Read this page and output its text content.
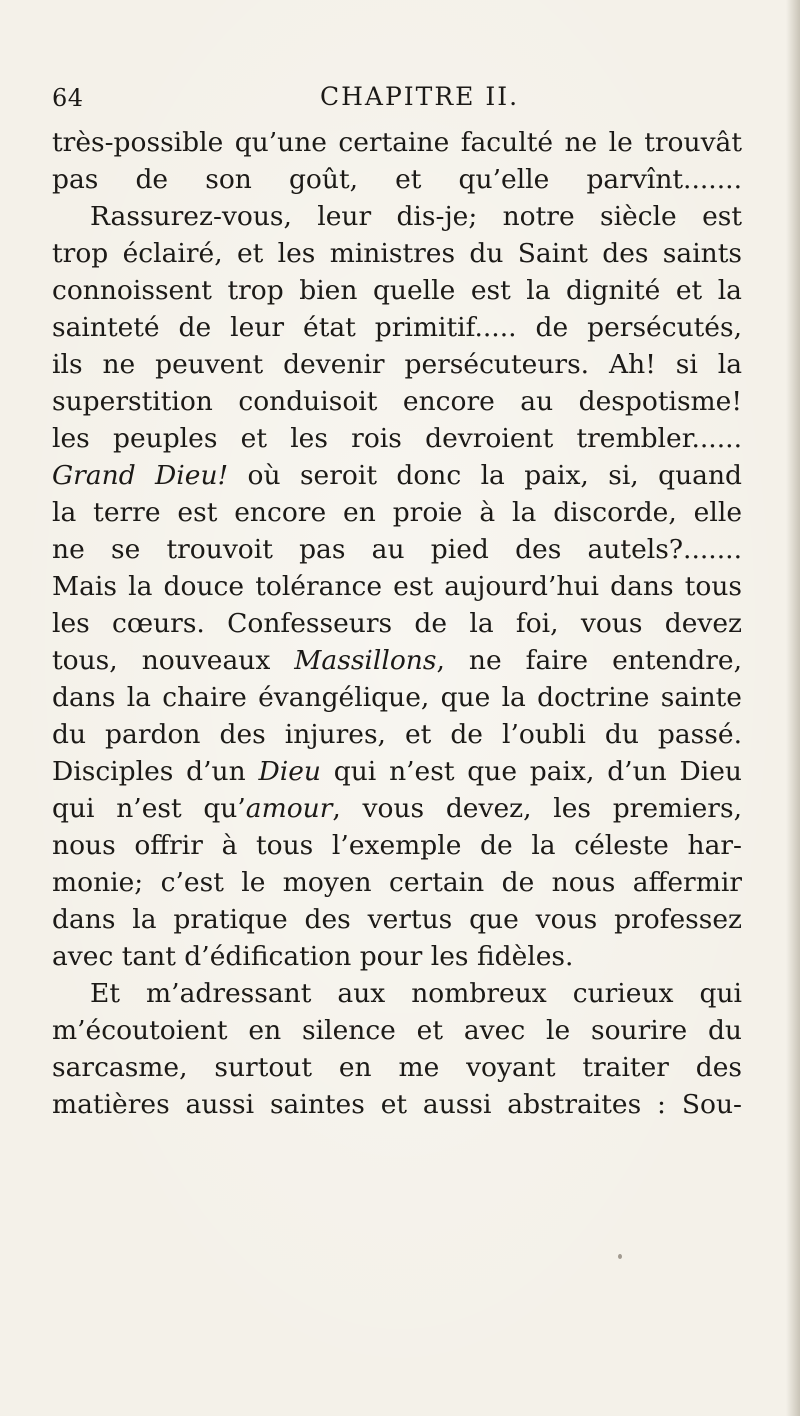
64	CHAPITRE II.
très-possible qu’une certaine faculté ne le trouvât
pas de son goût, et qu’elle parvînt.......
Rassurez-vous, leur dis-je; notre siècle est
trop éclairé, et les ministres du Saint des saints
connoissent trop bien quelle est la dignité et la
sainteté de leur état primitif..... de persécutés,
ils ne peuvent devenir persécuteurs. Ah! si la
superstition conduisoit encore au despotisme!
les peuples et les rois devroient trembler......
Grand Dieu! où seroit donc la paix, si, quand
la terre est encore en proie à la discorde, elle
ne se trouvoit pas au pied des autels?.......
Mais la douce tolérance est aujourd’hui dans tous
les cœurs. Confesseurs de la foi, vous devez
tous, nouveaux Massillons, ne faire entendre,
dans la chaire évangélique, que la doctrine sainte
du pardon des injures, et de l’oubli du passé.
Disciples d’un Dieu qui n’est que paix, d’un Dieu
qui n’est qu’amour, vous devez, les premiers,
nous offrir à tous l’exemple de la céleste har-
monie; c’est le moyen certain de nous affermir
dans la pratique des vertus que vous professez
avec tant d’édification pour les fidèles.
Et m’adressant aux nombreux curieux qui
m’écoutoient en silence et avec le sourire du
sarcasme, surtout en me voyant traiter des
matières aussi saintes et aussi abstraites : Sou-
